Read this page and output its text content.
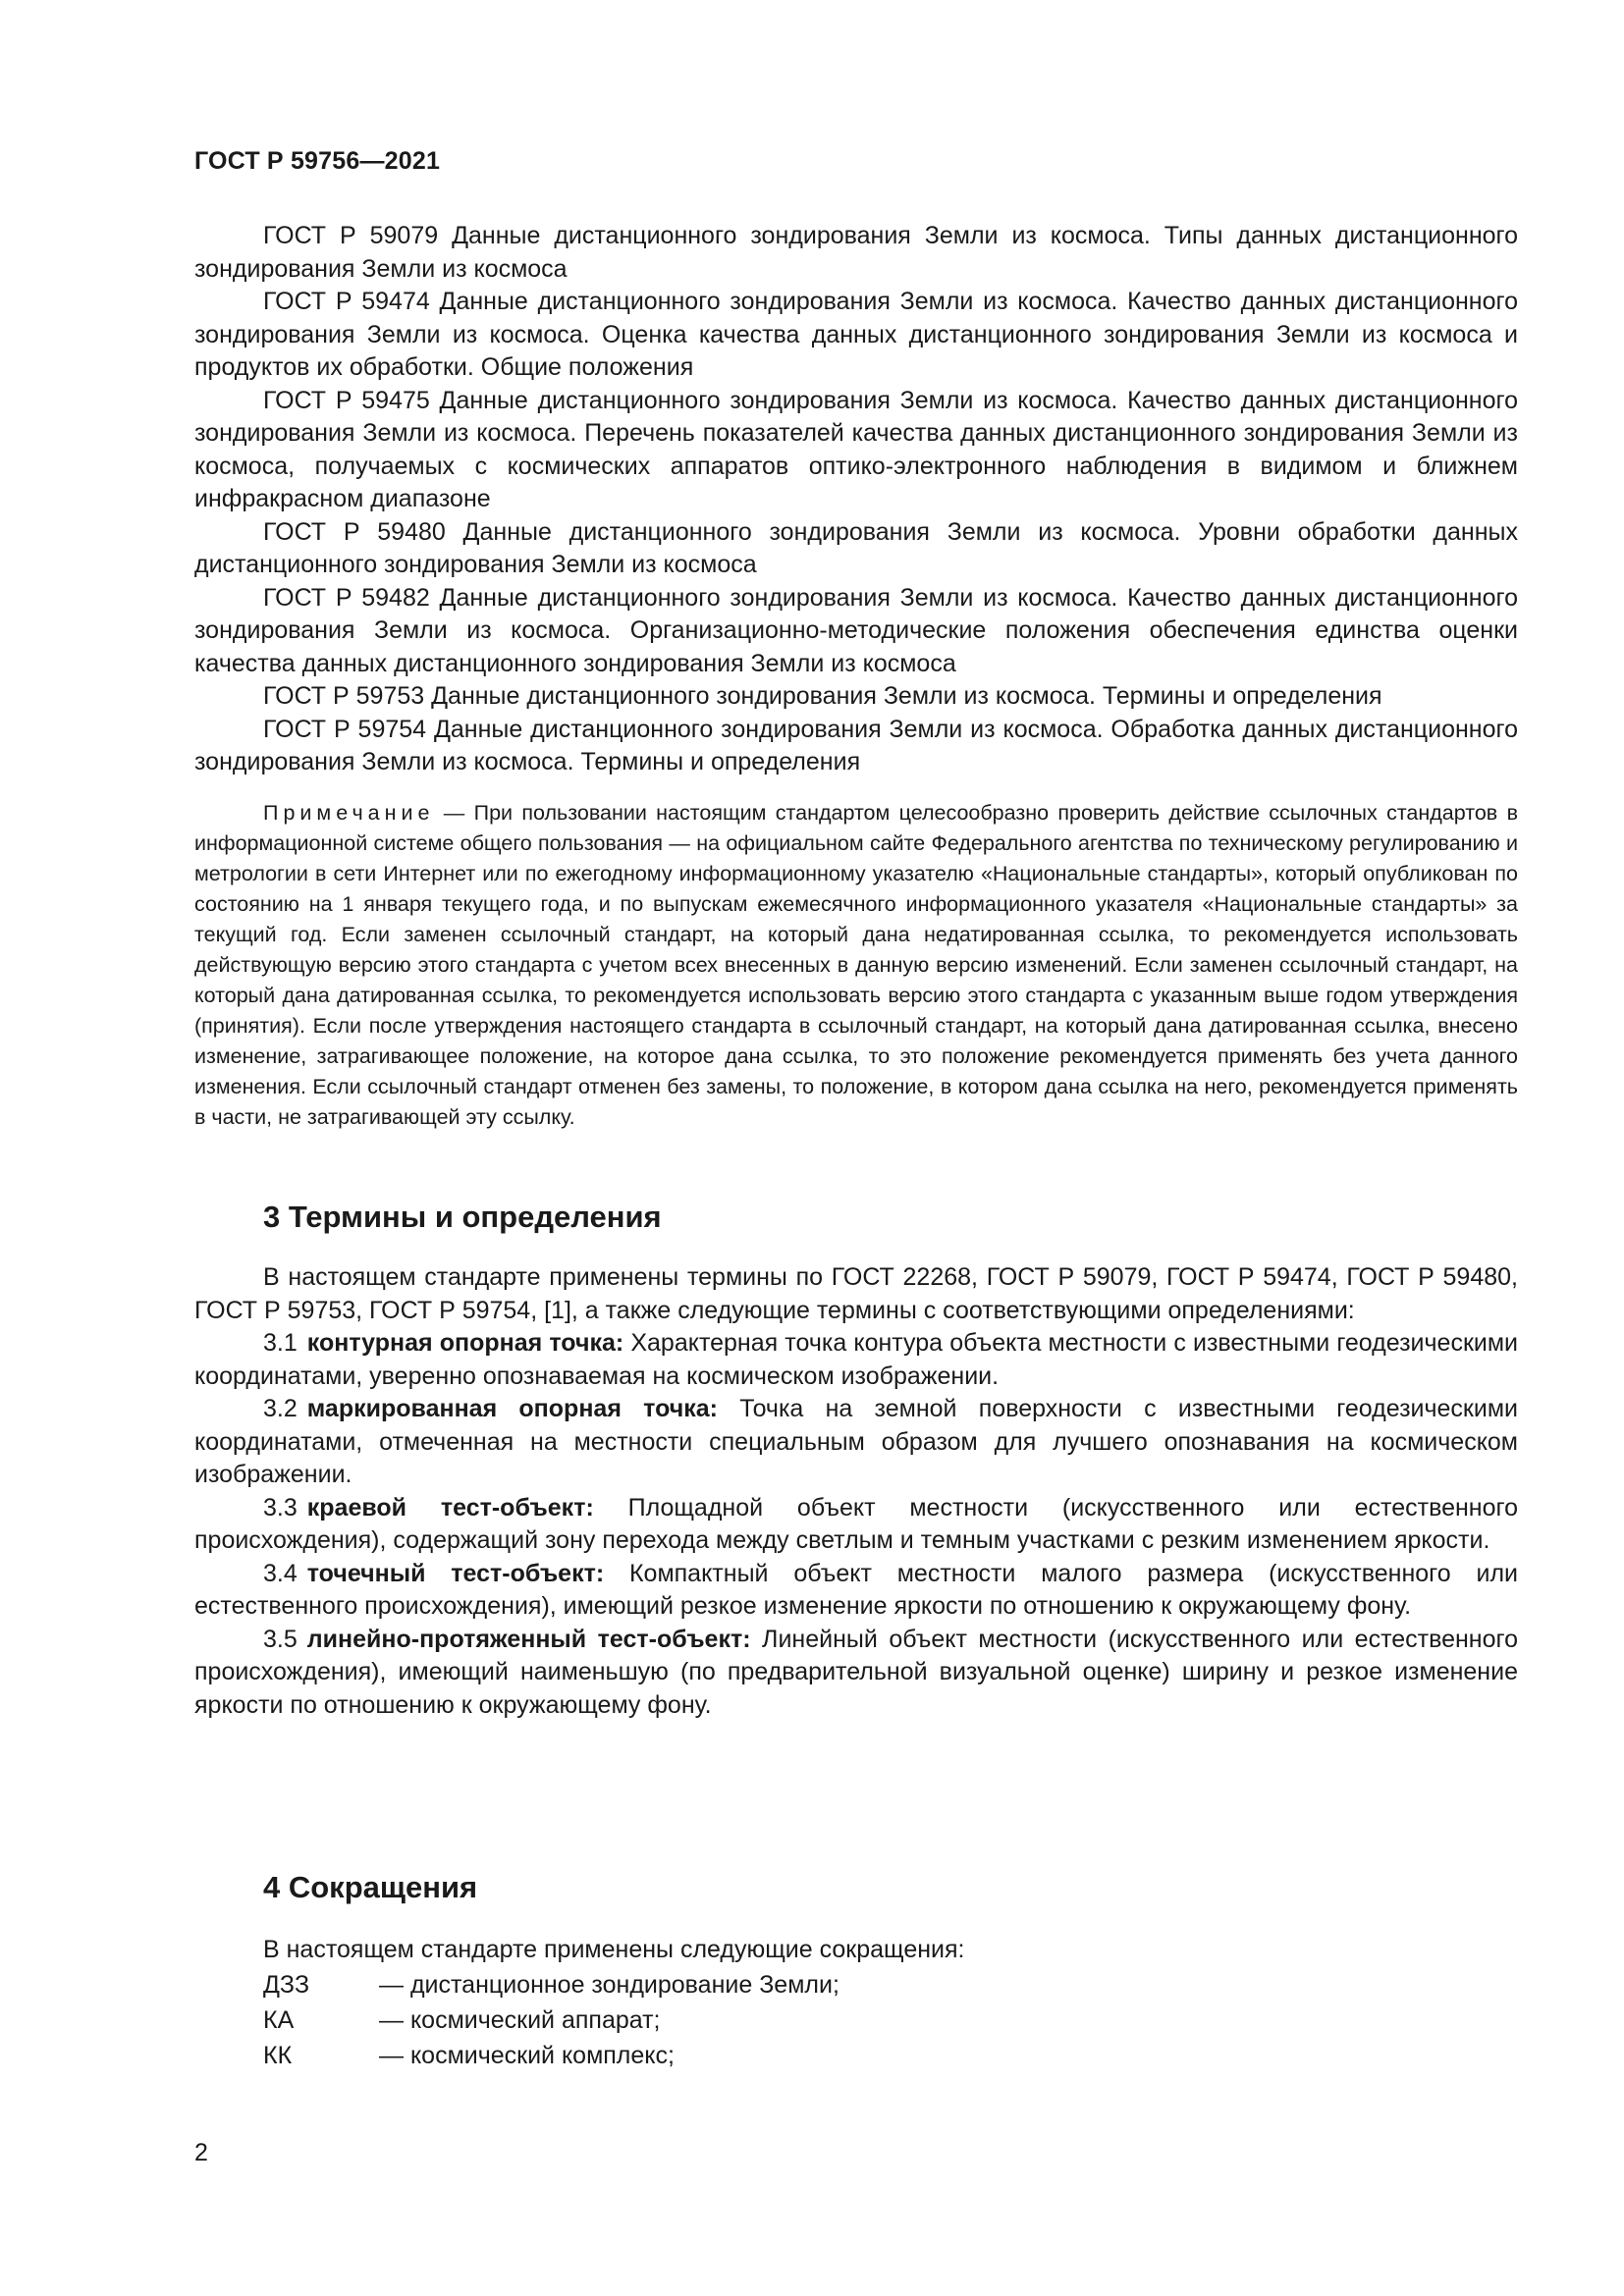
ГОСТ Р 59756—2021

ГОСТ Р 59079 Данные дистанционного зондирования Земли из космоса. Типы данных дистанционного зондирования Земли из космоса

ГОСТ Р 59474 Данные дистанционного зондирования Земли из космоса. Качество данных дистанционного зондирования Земли из космоса. Оценка качества данных дистанционного зондирования Земли из космоса и продуктов их обработки. Общие положения

ГОСТ Р 59475 Данные дистанционного зондирования Земли из космоса. Качество данных дистанционного зондирования Земли из космоса. Перечень показателей качества данных дистанционного зондирования Земли из космоса, получаемых с космических аппаратов оптико-электронного наблюдения в видимом и ближнем инфракрасном диапазоне

ГОСТ Р 59480 Данные дистанционного зондирования Земли из космоса. Уровни обработки данных дистанционного зондирования Земли из космоса

ГОСТ Р 59482 Данные дистанционного зондирования Земли из космоса. Качество данных дистанционного зондирования Земли из космоса. Организационно-методические положения обеспечения единства оценки качества данных дистанционного зондирования Земли из космоса

ГОСТ Р 59753 Данные дистанционного зондирования Земли из космоса. Термины и определения

ГОСТ Р 59754 Данные дистанционного зондирования Земли из космоса. Обработка данных дистанционного зондирования Земли из космоса. Термины и определения

Примечание — При пользовании настоящим стандартом целесообразно проверить действие ссылочных стандартов в информационной системе общего пользования — на официальном сайте Федерального агентства по техническому регулированию и метрологии в сети Интернет или по ежегодному информационному указателю «Национальные стандарты», который опубликован по состоянию на 1 января текущего года, и по выпускам ежемесячного информационного указателя «Национальные стандарты» за текущий год. Если заменен ссылочный стандарт, на который дана недатированная ссылка, то рекомендуется использовать действующую версию этого стандарта с учетом всех внесенных в данную версию изменений. Если заменен ссылочный стандарт, на который дана датированная ссылка, то рекомендуется использовать версию этого стандарта с указанным выше годом утверждения (принятия). Если после утверждения настоящего стандарта в ссылочный стандарт, на который дана датированная ссылка, внесено изменение, затрагивающее положение, на которое дана ссылка, то это положение рекомендуется применять без учета данного изменения. Если ссылочный стандарт отменен без замены, то положение, в котором дана ссылка на него, рекомендуется применять в части, не затрагивающей эту ссылку.
3 Термины и определения

В настоящем стандарте применены термины по ГОСТ 22268, ГОСТ Р 59079, ГОСТ Р 59474, ГОСТ Р 59480, ГОСТ Р 59753, ГОСТ Р 59754, [1], а также следующие термины с соответствующими определениями:

3.1 контурная опорная точка: Характерная точка контура объекта местности с известными геодезическими координатами, уверенно опознаваемая на космическом изображении.

3.2 маркированная опорная точка: Точка на земной поверхности с известными геодезическими координатами, отмеченная на местности специальным образом для лучшего опознавания на космическом изображении.

3.3 краевой тест-объект: Площадной объект местности (искусственного или естественного происхождения), содержащий зону перехода между светлым и темным участками с резким изменением яркости.

3.4 точечный тест-объект: Компактный объект местности малого размера (искусственного или естественного происхождения), имеющий резкое изменение яркости по отношению к окружающему фону.

3.5 линейно-протяженный тест-объект: Линейный объект местности (искусственного или естественного происхождения), имеющий наименьшую (по предварительной визуальной оценке) ширину и резкое изменение яркости по отношению к окружающему фону.

4 Сокращения

В настоящем стандарте применены следующие сокращения:

ДЗЗ	— дистанционное зондирование Земли;
КА	— космический аппарат;
КК	— космический комплекс;
2
